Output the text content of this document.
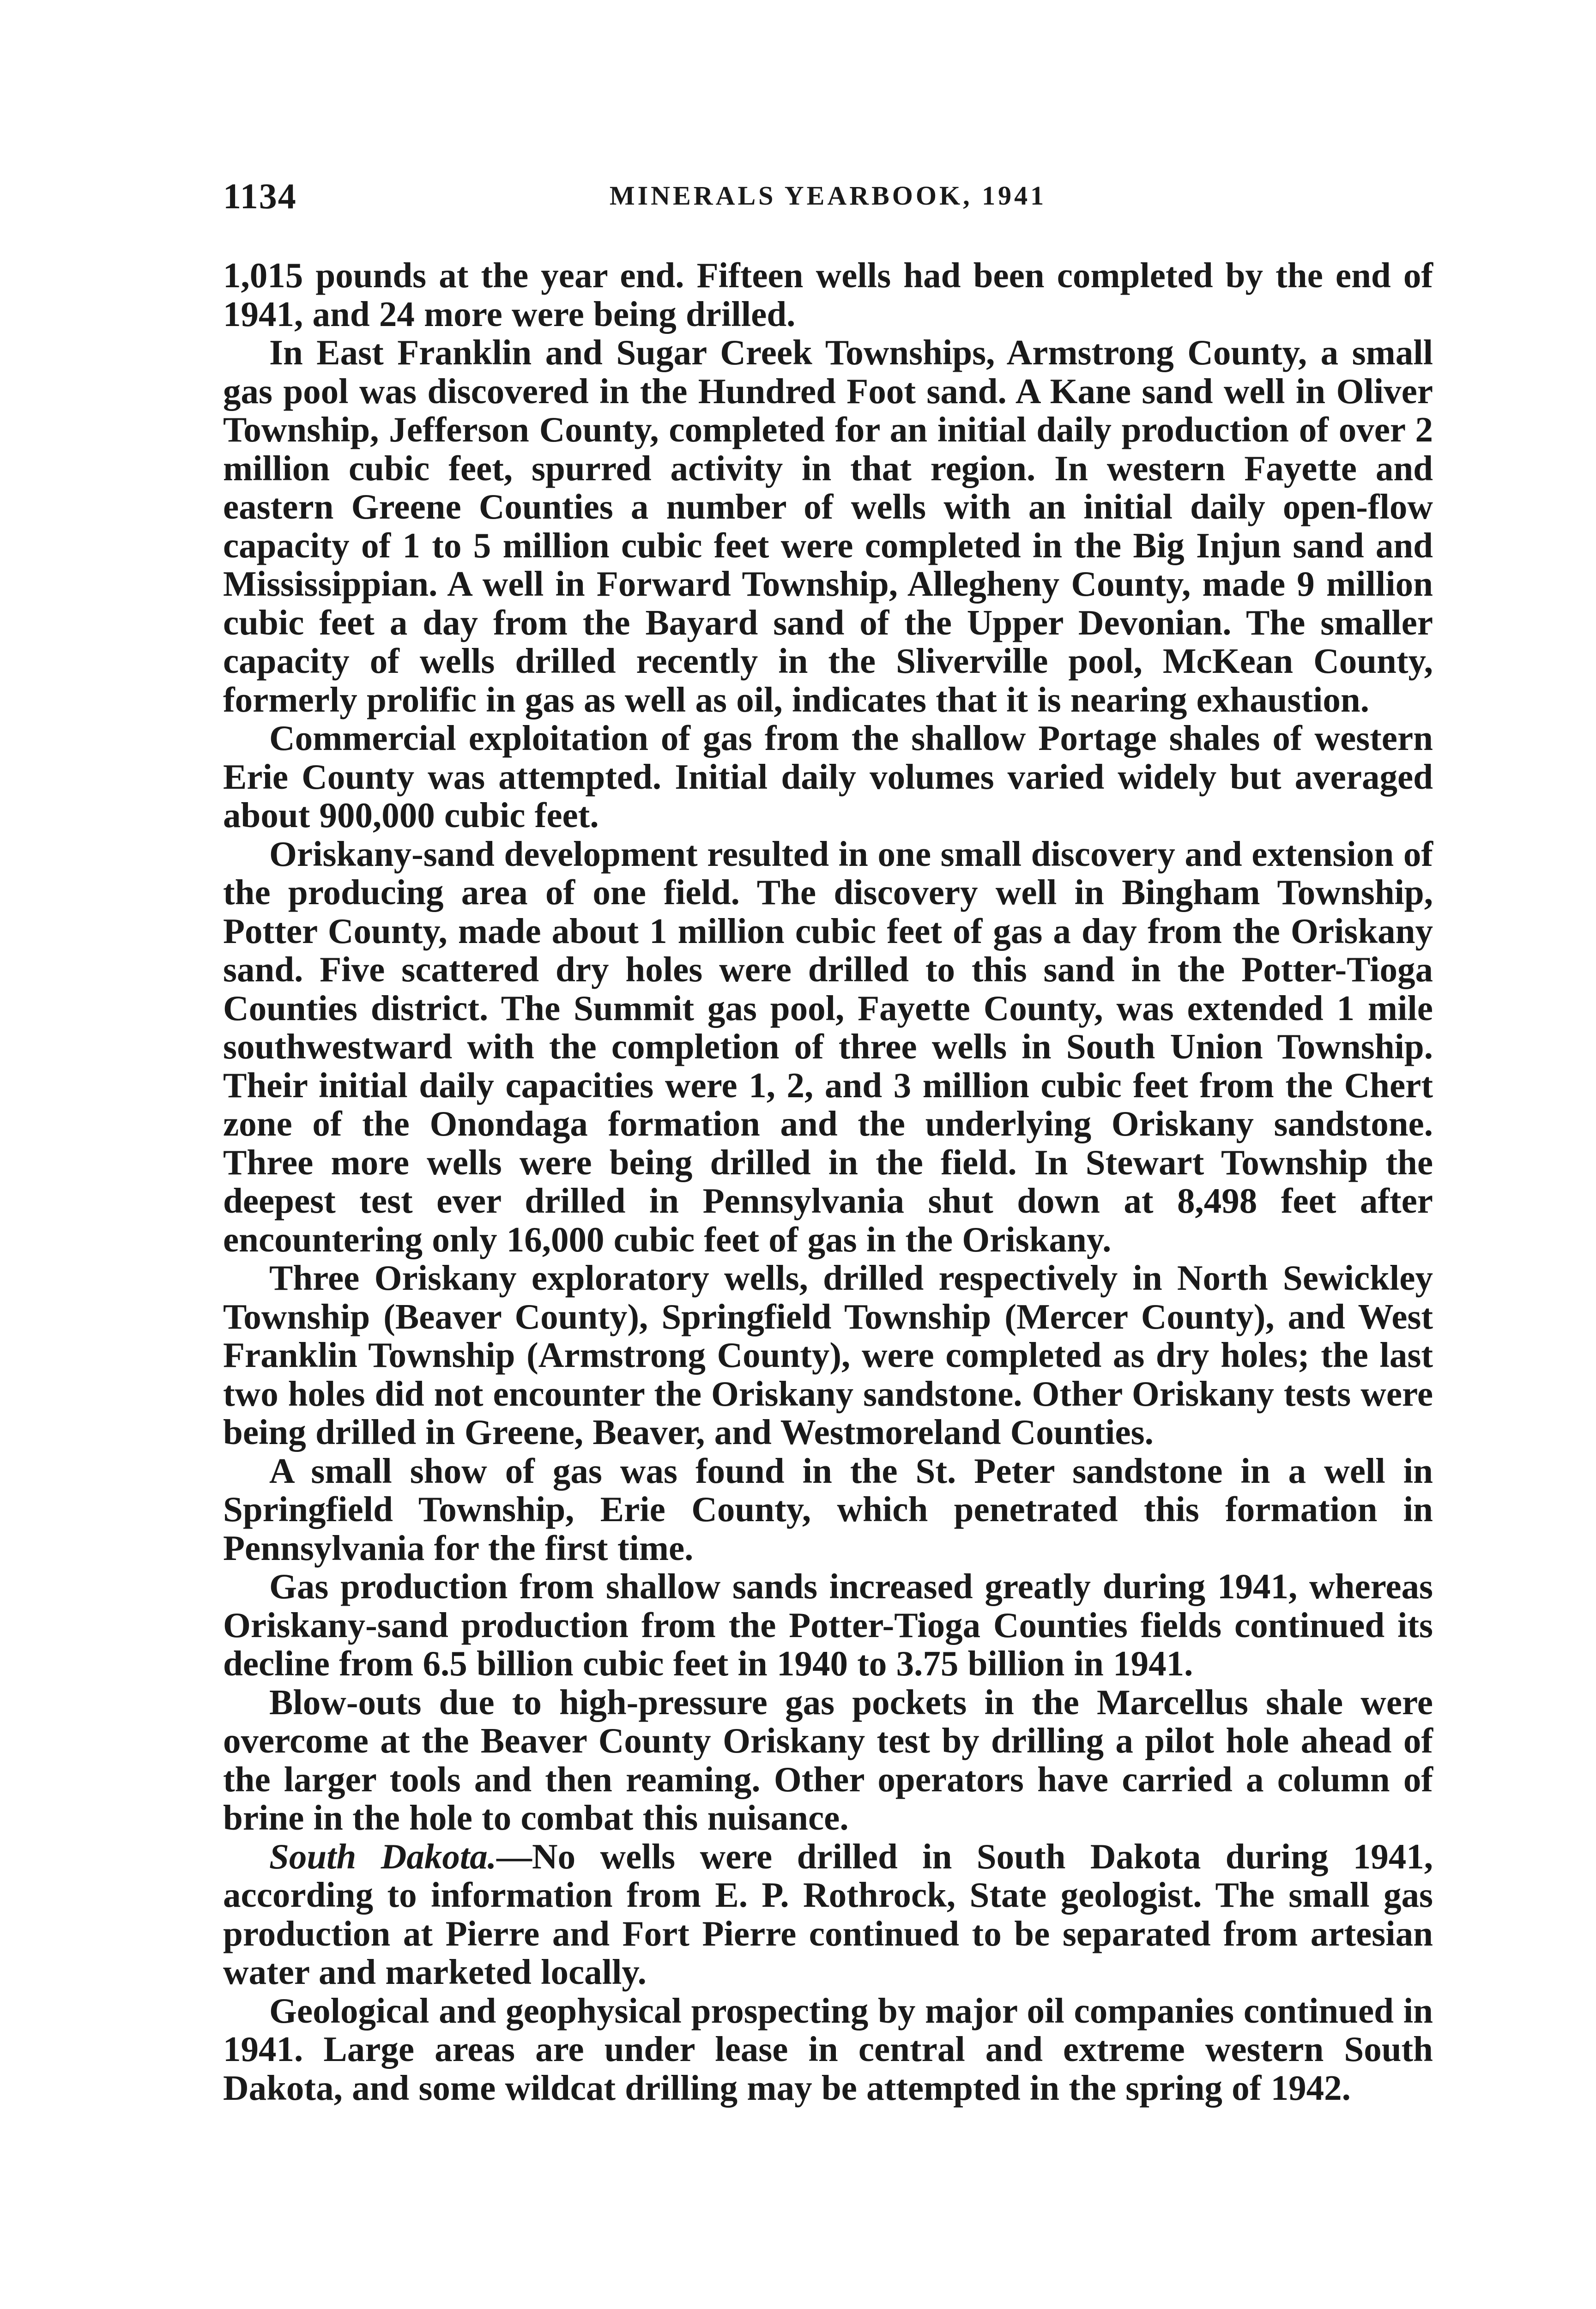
1134	MINERALS YEARBOOK, 1941

1,015 pounds at the year end. Fifteen wells had been completed by the end of 1941, and 24 more were being drilled.

In East Franklin and Sugar Creek Townships, Armstrong County, a small gas pool was discovered in the Hundred Foot sand. A Kane sand well in Oliver Township, Jefferson County, completed for an initial daily production of over 2 million cubic feet, spurred activity in that region. In western Fayette and eastern Greene Counties a number of wells with an initial daily open-flow capacity of 1 to 5 million cubic feet were completed in the Big Injun sand and Mississippian. A well in Forward Township, Allegheny County, made 9 million cubic feet a day from the Bayard sand of the Upper Devonian. The smaller capacity of wells drilled recently in the Sliverville pool, McKean County, formerly prolific in gas as well as oil, indicates that it is nearing exhaustion.

Commercial exploitation of gas from the shallow Portage shales of western Erie County was attempted. Initial daily volumes varied widely but averaged about 900,000 cubic feet.

Oriskany-sand development resulted in one small discovery and extension of the producing area of one field. The discovery well in Bingham Township, Potter County, made about 1 million cubic feet of gas a day from the Oriskany sand. Five scattered dry holes were drilled to this sand in the Potter-Tioga Counties district. The Summit gas pool, Fayette County, was extended 1 mile southwestward with the completion of three wells in South Union Township. Their initial daily capacities were 1, 2, and 3 million cubic feet from the Chert zone of the Onondaga formation and the underlying Oriskany sandstone. Three more wells were being drilled in the field. In Stewart Township the deepest test ever drilled in Pennsylvania shut down at 8,498 feet after encountering only 16,000 cubic feet of gas in the Oriskany.

Three Oriskany exploratory wells, drilled respectively in North Sewickley Township (Beaver County), Springfield Township (Mercer County), and West Franklin Township (Armstrong County), were completed as dry holes; the last two holes did not encounter the Oriskany sandstone. Other Oriskany tests were being drilled in Greene, Beaver, and Westmoreland Counties.

A small show of gas was found in the St. Peter sandstone in a well in Springfield Township, Erie County, which penetrated this formation in Pennsylvania for the first time.

Gas production from shallow sands increased greatly during 1941, whereas Oriskany-sand production from the Potter-Tioga Counties fields continued its decline from 6.5 billion cubic feet in 1940 to 3.75 billion in 1941.

Blow-outs due to high-pressure gas pockets in the Marcellus shale were overcome at the Beaver County Oriskany test by drilling a pilot hole ahead of the larger tools and then reaming. Other operators have carried a column of brine in the hole to combat this nuisance.

South Dakota.—No wells were drilled in South Dakota during 1941, according to information from E. P. Rothrock, State geologist. The small gas production at Pierre and Fort Pierre continued to be separated from artesian water and marketed locally.

Geological and geophysical prospecting by major oil companies continued in 1941. Large areas are under lease in central and extreme western South Dakota, and some wildcat drilling may be attempted in the spring of 1942.
